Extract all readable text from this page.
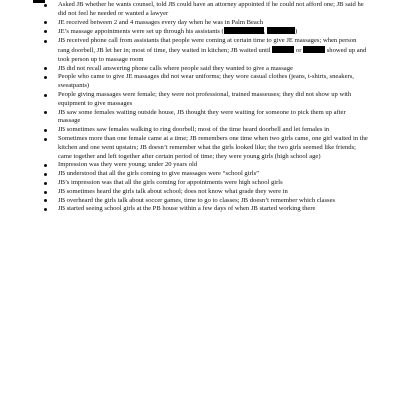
Asked JB whether he wants counsel, told JB could have an attorney appointed if he could not afford one; JB said he did not feel he needed or wanted a lawyer
JE received between 2 and 4 massages every day when he was in Palm Beach
JE’s massage appointments were set up through his assistants (	,	)
JB received phone call from assistants that people were coming at certain time to give JE massages; when person rang doorbell, JB let her in; most of time, they waited in kitchen; JB waited until	or	showed up and took person up to massage room
JB did not recall answering phone calls where people said they wanted to give a massage
People who came to give JE massages did not wear uniforms; they wore casual clothes (jeans, t-shirts, sneakers, sweatpants)
People giving massages were female; they were not professional, trained masseuses; they did not show up with equipment to give massages
JB saw some females waiting outside house, JB thought they were waiting for someone to pick them up after massage
JB sometimes saw females walking to ring doorbell; most of the time heard doorbell and let females in
Sometimes more than one female came at a time; JB remembers one time when two girls came, one girl waited in the kitchen and one went upstairs; JB doesn’t remember what the girls looked like; the two girls seemed like friends; came together and left together after certain period of time; they were young girls (high school age)
Impression was they were young; under 20 years old
JB understood that all the girls coming to give massages were “school girls”
JB’s impression was that all the girls coming for appointments were high school girls
JB sometimes heard the girls talk about school; does not know what grade they were in
JB overheard the girls talk about soccer games, time to go to classes; JB doesn’t remember which classes
JB started seeing school girls at the PB house within a few days of when JB started working there
